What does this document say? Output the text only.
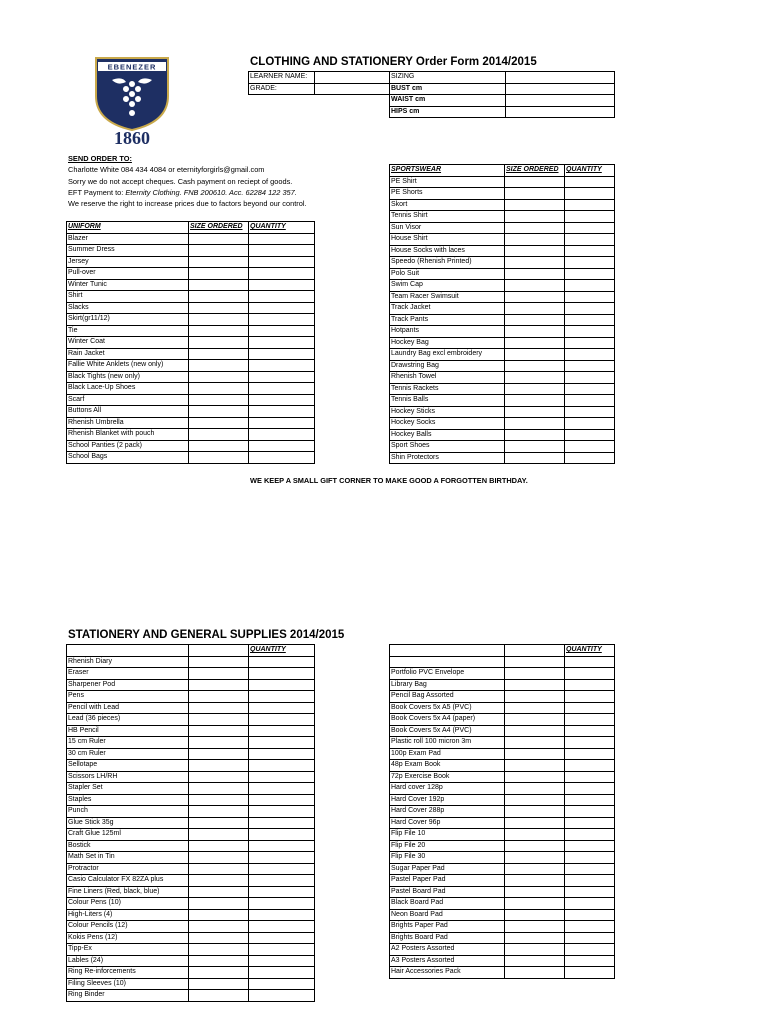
EBENEZER
1860
CLOTHING AND STATIONERY Order Form 2014/2015
LEARNER NAME:		SIZING	
GRADE:		BUST cm	
		WAIST cm	
		HIPS cm	
SEND ORDER TO:
Charlotte White 084 434 4084 or eternityforgirls@gmail.com
Sorry we do not accept cheques. Cash payment on reciept of goods.
EFT Payment to: Eternity Clothing. FNB 200610. Acc. 62284 122 357.
We reserve the right to increase prices due to factors beyond our control.
UNIFORM	SIZE ORDERED	QUANTITY
Blazer		
Summer Dress		
Jersey		
Pull-over		
Winter Tunic		
Shirt		
Slacks		
Skirt(gr11/12)		
Tie		
Winter Coat		
Rain Jacket		
Fallie White Anklets (new only)		
Black Tights (new only)		
Black Lace-Up Shoes		
Scarf		
Buttons All		
Rhenish Umbrella		
Rhenish Blanket with pouch		
School Panties (2 pack)		
School Bags		
SPORTSWEAR	SIZE ORDERED	QUANTITY
PE Shirt		
PE Shorts		
Skort		
Tennis Shirt		
Sun Visor		
House Shirt		
House Socks with laces		
Speedo (Rhenish Printed)		
Polo Suit		
Swim Cap		
Team Racer Swimsuit		
Track Jacket		
Track Pants		
Hotpants		
Hockey Bag		
Laundry Bag excl embroidery		
Drawstring Bag		
Rhenish Towel		
Tennis Rackets		
Tennis Balls		
Hockey Sticks		
Hockey Socks		
Hockey Balls		
Sport Shoes		
Shin Protectors		
WE KEEP A SMALL GIFT CORNER TO MAKE GOOD A FORGOTTEN BIRTHDAY.
STATIONERY AND GENERAL SUPPLIES 2014/2015
		QUANTITY
Rhenish Diary		
Eraser		
Sharpener Pod		
Pens		
Pencil with Lead		
Lead (36 pieces)		
HB Pencil		
15 cm Ruler		
30 cm Ruler		
Sellotape		
Scissors LH/RH		
Stapler Set		
Staples		
Punch		
Glue Stick 35g		
Craft Glue 125ml		
Bostick		
Math Set in Tin		
Protractor		
Casio Calculator FX 82ZA plus		
Fine Liners (Red, black, blue)		
Colour Pens (10)		
High-Liters (4)		
Colour Pencils (12)		
Kokis Pens (12)		
Tipp-Ex		
Lables (24)		
Ring Re-inforcements		
Filing Sleeves (10)		
Ring Binder		
		QUANTITY

Portfolio PVC Envelope		
Library Bag		
Pencil Bag Assorted		
Book Covers 5x A5 (PVC)		
Book Covers 5x A4 (paper)		
Book Covers 5x A4 (PVC)		
Plastic roll 100 micron 3m		
100p Exam Pad		
48p Exam Book		
72p Exercise Book		
Hard cover 128p		
Hard Cover 192p		
Hard Cover 288p		
Hard Cover 96p		
Flip File 10		
Flip File 20		
Flip File 30		
Sugar Paper Pad		
Pastel Paper Pad		
Pastel Board Pad		
Black Board Pad		
Neon Board Pad		
Brights Paper Pad		
Brights Board Pad		
A2 Posters Assorted		
A3 Posters Assorted		
Hair Accessories Pack		
